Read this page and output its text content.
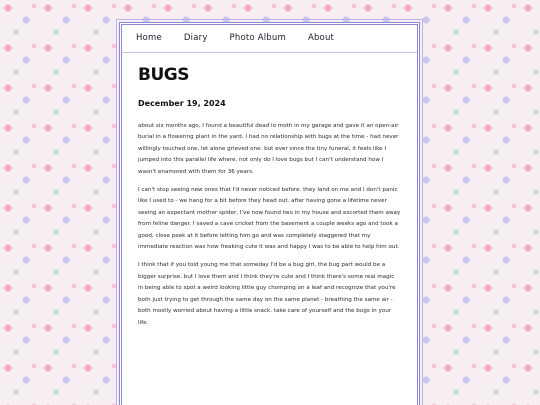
Home	Diary	Photo Album	About
BUGS
December 19, 2024

about six months ago, I found a beautiful dead io moth in my garage and gave it an open-air burial in a flowering plant in the yard. I had no relationship with bugs at the time - had never willingly touched one, let alone grieved one. but ever since the tiny funeral, it feels like I jumped into this parallel life where, not only do I love bugs but I can't understand how I wasn't enamored with them for 36 years.

I can't stop seeing new ones that I'd never noticed before. they land on me and I don't panic like I used to - we hang for a bit before they head out. after having gone a lifetime never seeing an expectant mother spider, I've now found two in my house and escorted them away from feline danger. I saved a cave cricket from the basement a couple weeks ago and took a good, close peek at it before letting him go and was completely staggered that my immediate reaction was how freaking cute it was and happy I was to be able to help him out.

I think that if you told young me that someday I'd be a bug girl, the bug part would be a bigger surprise. but I love them and I think they're cute and I think there's some real magic in being able to spot a weird looking little guy chomping on a leaf and recognize that you're both just trying to get through the same day on the same planet - breathing the same air - both mostly worried about having a little snack. take care of yourself and the bugs in your life.
